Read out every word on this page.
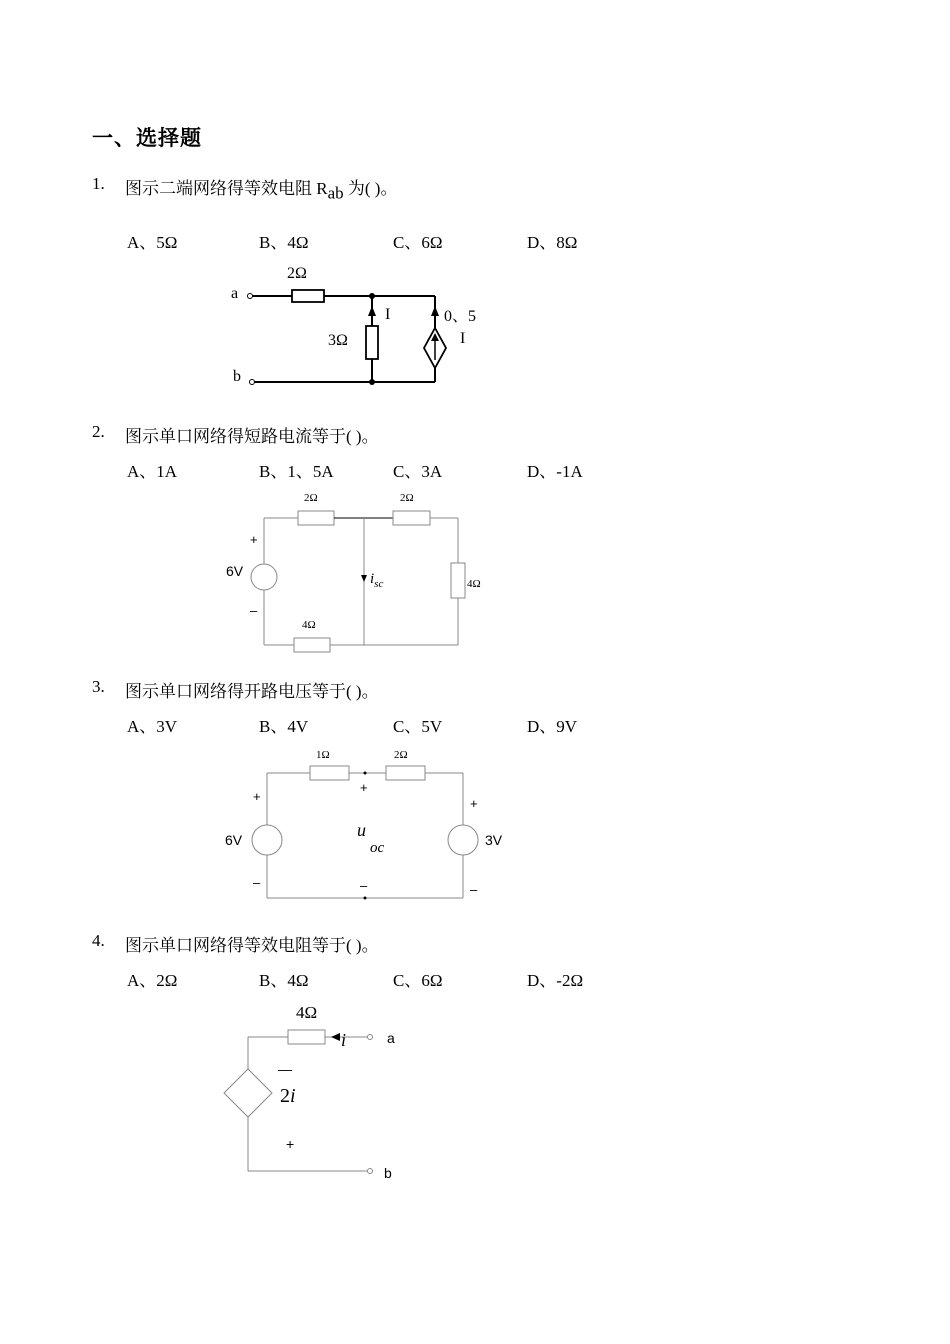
一、选择题
1. 图示二端网络得等效电阻 $R_{ab}$ 为( )。
A、5Ω	B、4Ω	C、6Ω	D、8Ω
2Ω
3Ω
a
b
I	0、5
I
2. 图示单口网络得短路电流等于( )。
A、1A	B、1、5A	C、3A	D、-1A
2Ω	2Ω
4Ω
4Ω
6V
+
–
$i_{sc}$
3. 图示单口网络得开路电压等于( )。
A、3V	B、4V	C、5V	D、9V
1Ω	2Ω
6V	3V
+
–
+
–
+
–
u
oc
4. 图示单口网络得等效电阻等于( )。
A、2Ω	B、4Ω	C、6Ω	D、-2Ω
4Ω
i	a
b
—
+
2i
